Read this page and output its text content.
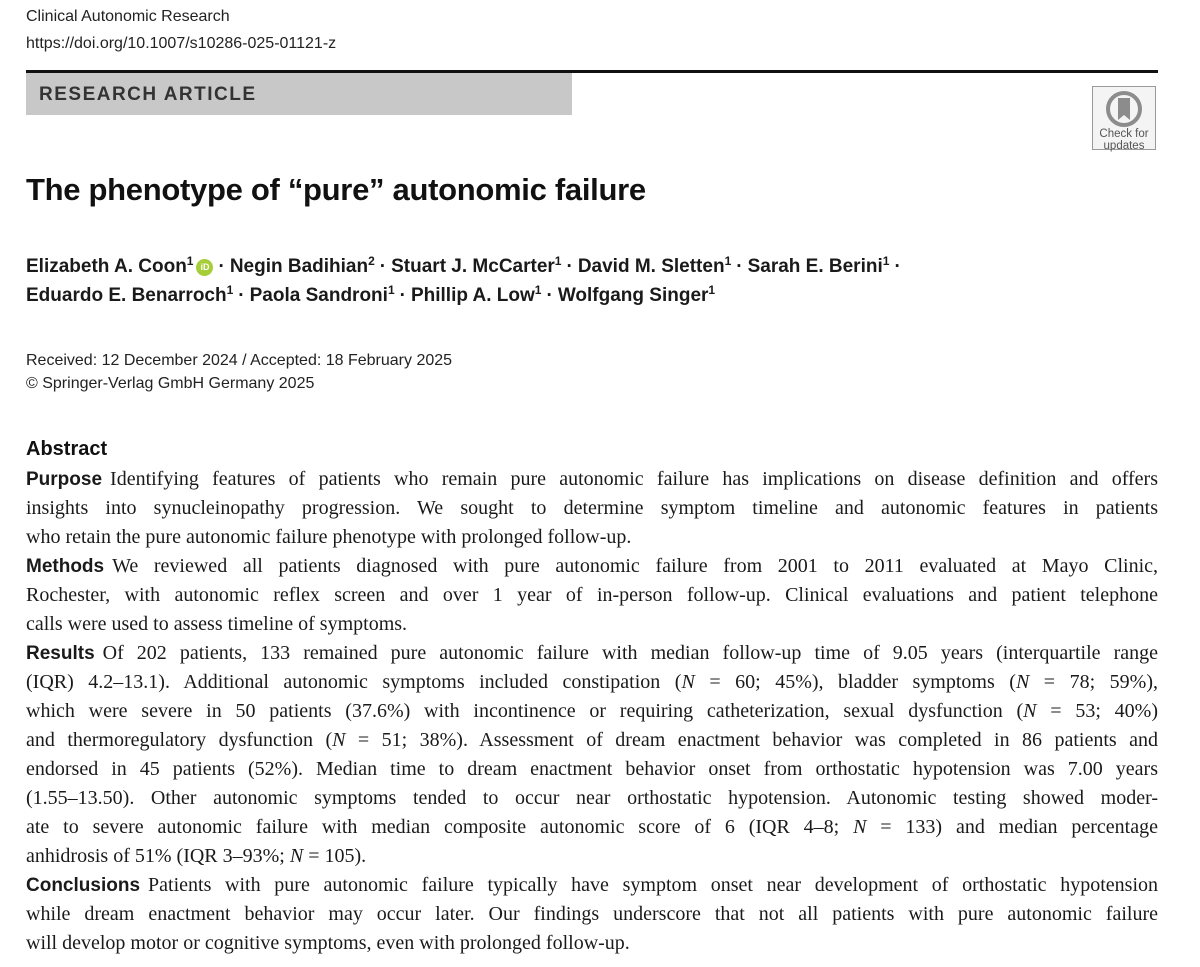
Clinical Autonomic Research
https://doi.org/10.1007/s10286-025-01121-z
RESEARCH ARTICLE
Check for
updates
The phenotype of “pure” autonomic failure
Elizabeth A. Coon$^1$ iD · Negin Badihian$^2$ · Stuart J. McCarter$^1$ · David M. Sletten$^1$ · Sarah E. Berini$^1$ ·
Eduardo E. Benarroch$^1$ · Paola Sandroni$^1$ · Phillip A. Low$^1$ · Wolfgang Singer$^1$
Received: 12 December 2024 / Accepted: 18 February 2025
© Springer-Verlag GmbH Germany 2025
Abstract
Purpose Identifying features of patients who remain pure autonomic failure has implications on disease definition and offers
insights into synucleinopathy progression. We sought to determine symptom timeline and autonomic features in patients
who retain the pure autonomic failure phenotype with prolonged follow-up.
Methods We reviewed all patients diagnosed with pure autonomic failure from 2001 to 2011 evaluated at Mayo Clinic,
Rochester, with autonomic reflex screen and over 1 year of in-person follow-up. Clinical evaluations and patient telephone
calls were used to assess timeline of symptoms.
Results Of 202 patients, 133 remained pure autonomic failure with median follow-up time of 9.05 years (interquartile range
(IQR) 4.2–13.1). Additional autonomic symptoms included constipation (N = 60; 45%), bladder symptoms (N = 78; 59%),
which were severe in 50 patients (37.6%) with incontinence or requiring catheterization, sexual dysfunction (N = 53; 40%)
and thermoregulatory dysfunction (N = 51; 38%). Assessment of dream enactment behavior was completed in 86 patients and
endorsed in 45 patients (52%). Median time to dream enactment behavior onset from orthostatic hypotension was 7.00 years
(1.55–13.50). Other autonomic symptoms tended to occur near orthostatic hypotension. Autonomic testing showed moder-
ate to severe autonomic failure with median composite autonomic score of 6 (IQR 4–8; N = 133) and median percentage
anhidrosis of 51% (IQR 3–93%; N = 105).
Conclusions Patients with pure autonomic failure typically have symptom onset near development of orthostatic hypotension
while dream enactment behavior may occur later. Our findings underscore that not all patients with pure autonomic failure
will develop motor or cognitive symptoms, even with prolonged follow-up.
